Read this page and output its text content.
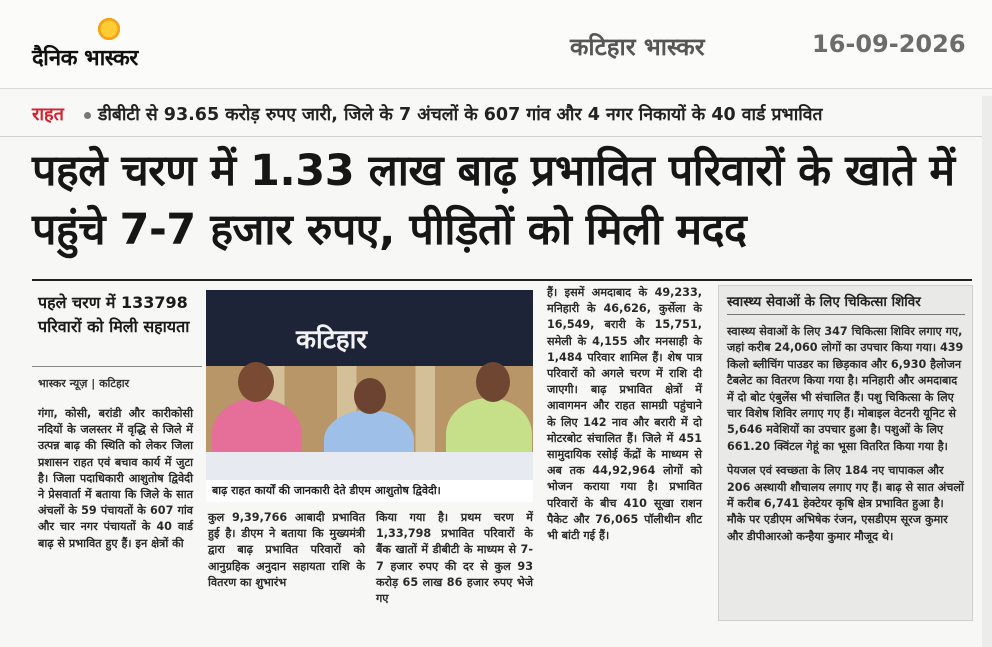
दैनिक भास्कर	कटिहार भास्कर	16-09-2026
राहत डीबीटी से 93.65 करोड़ रुपए जारी, जिले के 7 अंचलों के 607 गांव और 4 नगर निकायों के 40 वार्ड प्रभावित
पहले चरण में 1.33 लाख बाढ़ प्रभावित परिवारों के खाते में पहुंचे 7-7 हजार रुपए, पीड़ितों को मिली मदद
पहले चरण में 133798 परिवारों को मिली सहायता
भास्कर न्यूज़ | कटिहार
कटिहार
बाढ़ राहत कार्यों की जानकारी देते डीएम आशुतोष द्विवेदी।
गंगा, कोसी, बरांडी और कारीकोसी नदियों के जलस्तर में वृद्धि से जिले में उत्पन्न बाढ़ की स्थिति को लेकर जिला प्रशासन राहत एवं बचाव कार्य में जुटा है। जिला पदाधिकारी आशुतोष द्विवेदी ने प्रेसवार्ता में बताया कि जिले के सात अंचलों के 59 पंचायतों के 607 गांव और चार नगर पंचायतों के 40 वार्ड बाढ़ से प्रभावित हुए हैं। इन क्षेत्रों की
कुल 9,39,766 आबादी प्रभावित हुई है। डीएम ने बताया कि मुख्यमंत्री द्वारा बाढ़ प्रभावित परिवारों को आनुग्रहिक अनुदान सहायता राशि के वितरण का शुभारंभ
किया गया है। प्रथम चरण में 1,33,798 प्रभावित परिवारों के बैंक खातों में डीबीटी के माध्यम से 7-7 हजार रुपए की दर से कुल 93 करोड़ 65 लाख 86 हजार रुपए भेजे गए
हैं। इसमें अमदाबाद के 49,233, मनिहारी के 46,626, कुर्सेला के 16,549, बरारी के 15,751, समेली के 4,155 और मनसाही के 1,484 परिवार शामिल हैं। शेष पात्र परिवारों को अगले चरण में राशि दी जाएगी। बाढ़ प्रभावित क्षेत्रों में आवागमन और राहत सामग्री पहुंचाने के लिए 142 नाव और बरारी में दो मोटरबोट संचालित हैं। जिले में 451 सामुदायिक रसोई केंद्रों के माध्यम से अब तक 44,92,964 लोगों को भोजन कराया गया है। प्रभावित परिवारों के बीच 410 सूखा राशन पैकेट और 76,065 पॉलीथीन शीट भी बांटी गई हैं।
स्वास्थ्य सेवाओं के लिए चिकित्सा शिविर

स्वास्थ्य सेवाओं के लिए 347 चिकित्सा शिविर लगाए गए, जहां करीब 24,060 लोगों का उपचार किया गया। 439 किलो ब्लीचिंग पाउडर का छिड़काव और 6,930 हैलोजन टैबलेट का वितरण किया गया है। मनिहारी और अमदाबाद में दो बोट एंबुलेंस भी संचालित हैं। पशु चिकित्सा के लिए चार विशेष शिविर लगाए गए हैं। मोबाइल वेटनरी यूनिट से 5,646 मवेशियों का उपचार हुआ है। पशुओं के लिए 661.20 क्विंटल गेहूं का भूसा वितरित किया गया है।

पेयजल एवं स्वच्छता के लिए 184 नए चापाकल और 206 अस्थायी शौचालय लगाए गए हैं। बाढ़ से सात अंचलों में करीब 6,741 हेक्टेयर कृषि क्षेत्र प्रभावित हुआ है। मौके पर एडीएम अभिषेक रंजन, एसडीएम सूरज कुमार और डीपीआरओ कन्हैया कुमार मौजूद थे।
